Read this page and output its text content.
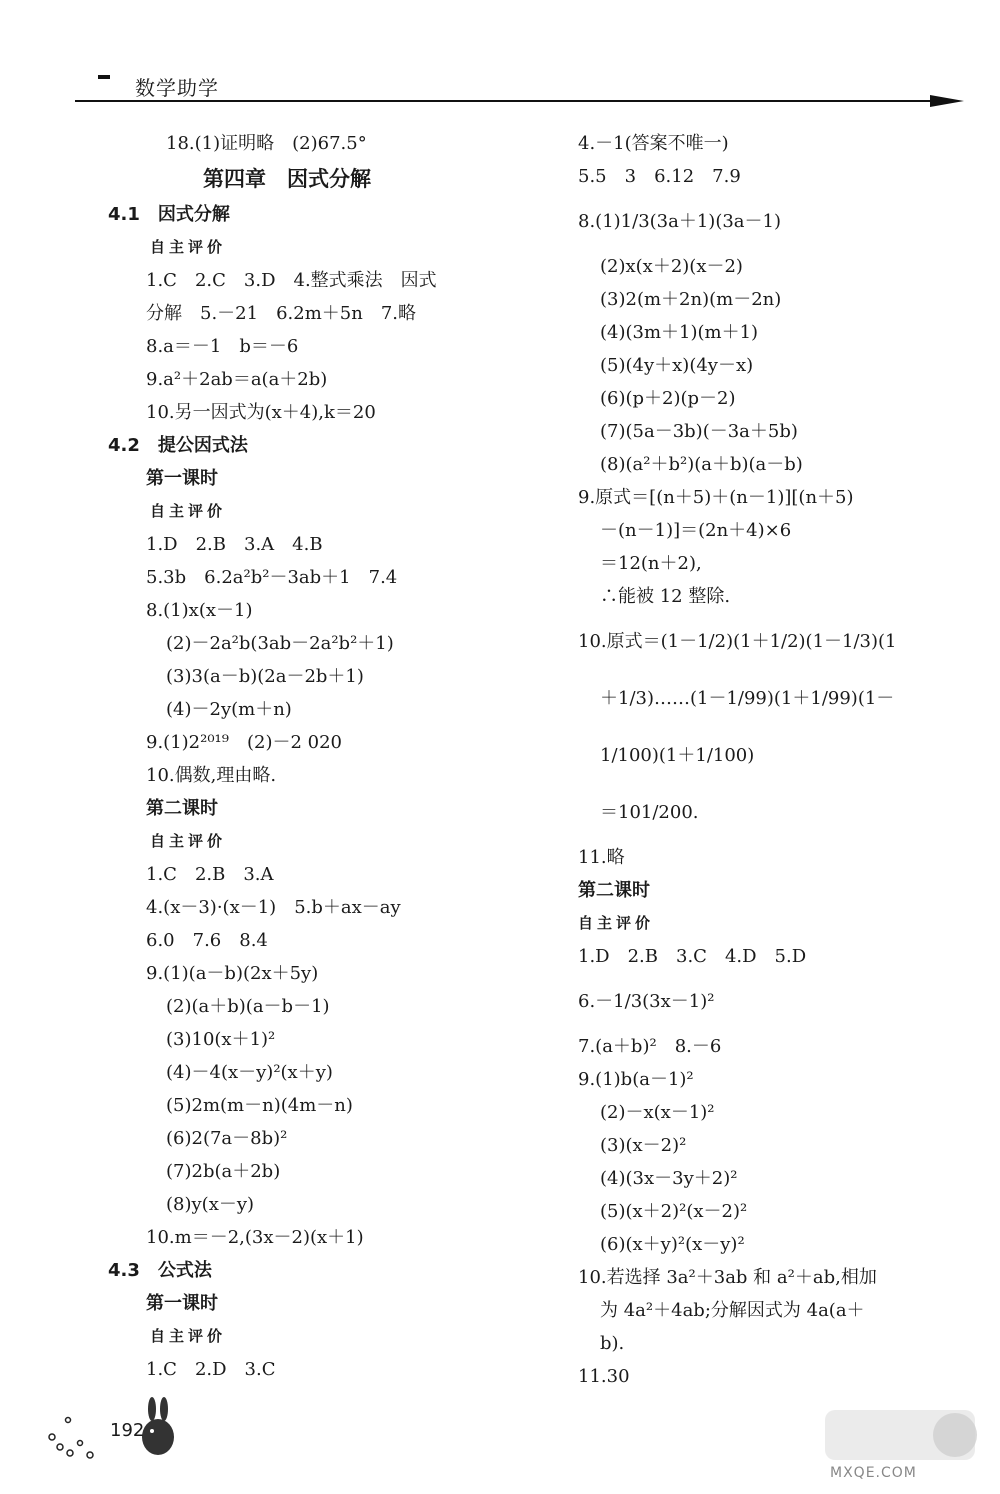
数学助学
18.(1)证明略　(2)67.5°
第四章　因式分解
4.1　因式分解
自主评价
1.C　2.C　3.D　4.整式乘法　因式
分解　5.－21　6.2m＋5n　7.略
8.a＝－1　b＝－6
9.a²＋2ab＝a(a＋2b)
10.另一因式为(x＋4),k＝20
4.2　提公因式法
第一课时
自主评价
1.D　2.B　3.A　4.B
5.3b　6.2a²b²－3ab＋1　7.4
8.(1)x(x－1)
(2)－2a²b(3ab－2a²b²＋1)
(3)3(a－b)(2a－2b＋1)
(4)－2y(m＋n)
9.(1)2²⁰¹⁹　(2)－2 020
10.偶数,理由略.
第二课时
自主评价
1.C　2.B　3.A
4.(x－3)·(x－1)　5.b＋ax－ay
6.0　7.6　8.4
9.(1)(a－b)(2x＋5y)
(2)(a＋b)(a－b－1)
(3)10(x＋1)²
(4)－4(x－y)²(x＋y)
(5)2m(m－n)(4m－n)
(6)2(7a－8b)²
(7)2b(a＋2b)
(8)y(x－y)
10.m＝－2,(3x－2)(x＋1)
4.3　公式法
第一课时
自主评价
1.C　2.D　3.C
4.－1(答案不唯一)
5.5　3　6.12　7.9
8.(1)1/3(3a＋1)(3a－1)
(2)x(x＋2)(x－2)
(3)2(m＋2n)(m－2n)
(4)(3m＋1)(m＋1)
(5)(4y＋x)(4y－x)
(6)(p＋2)(p－2)
(7)(5a－3b)(－3a＋5b)
(8)(a²＋b²)(a＋b)(a－b)
9.原式＝[(n＋5)＋(n－1)][(n＋5)
－(n－1)]＝(2n＋4)×6
＝12(n＋2),
∴能被 12 整除.
10.原式＝(1－1/2)(1＋1/2)(1－1/3)(1
＋1/3)……(1－1/99)(1＋1/99)(1－
1/100)(1＋1/100)
＝101/200.
11.略
第二课时
自主评价
1.D　2.B　3.C　4.D　5.D
6.－1/3(3x－1)²
7.(a＋b)²　8.－6
9.(1)b(a－1)²
(2)－x(x－1)²
(3)(x－2)²
(4)(3x－3y＋2)²
(5)(x＋2)²(x－2)²
(6)(x＋y)²(x－y)²
10.若选择 3a²＋3ab 和 a²＋ab,相加
为 4a²＋4ab;分解因式为 4a(a＋
b).
11.30
192
MXQE.COM
